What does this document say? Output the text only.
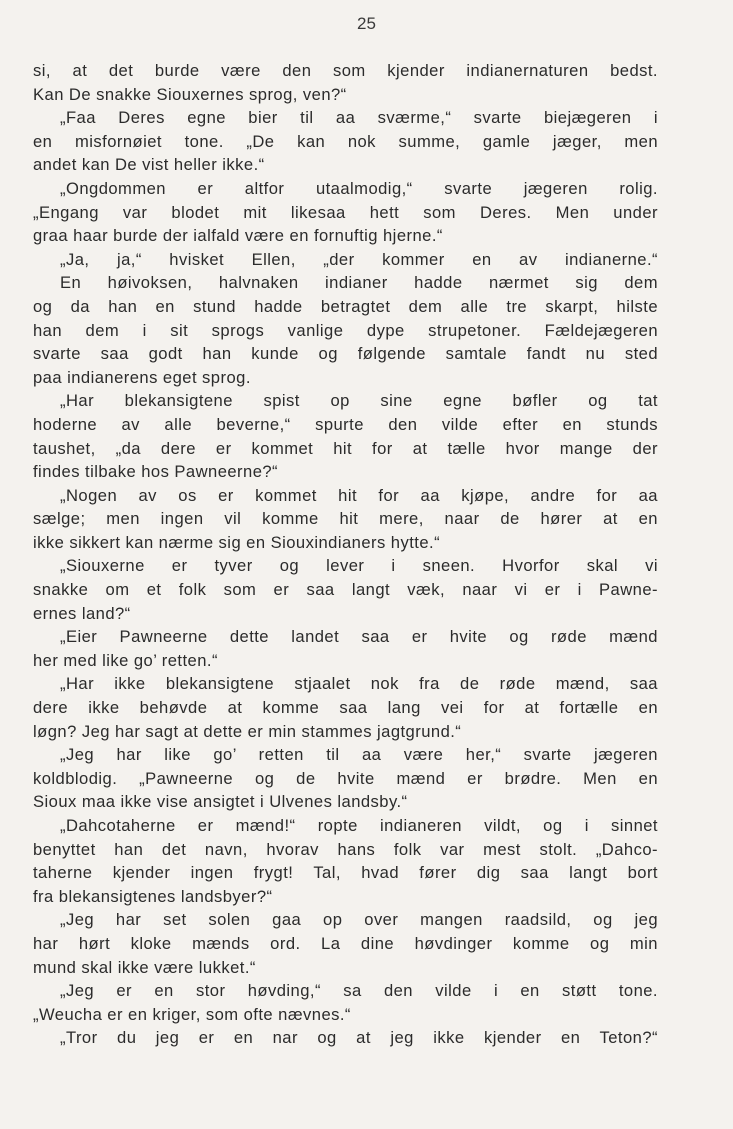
25
si, at det burde være den som kjender indianernaturen bedst.
Kan De snakke Siouxernes sprog, ven?“
„Faa Deres egne bier til aa sværme,“ svarte biejægeren i
en misfornøiet tone. „De kan nok summe, gamle jæger, men
andet kan De vist heller ikke.“
„Ongdommen er altfor utaalmodig,“ svarte jægeren rolig.
„Engang var blodet mit likesaa hett som Deres. Men under
graa haar burde der ialfald være en fornuftig hjerne.“
„Ja, ja,“ hvisket Ellen, „der kommer en av indianerne.“
En høivoksen, halvnaken indianer hadde nærmet sig dem
og da han en stund hadde betragtet dem alle tre skarpt, hilste
han dem i sit sprogs vanlige dype strupetoner. Fældejægeren
svarte saa godt han kunde og følgende samtale fandt nu sted
paa indianerens eget sprog.
„Har blekansigtene spist op sine egne bøfler og tat
hoderne av alle beverne,“ spurte den vilde efter en stunds
taushet, „da dere er kommet hit for at tælle hvor mange der
findes tilbake hos Pawneerne?“
„Nogen av os er kommet hit for aa kjøpe, andre for aa
sælge; men ingen vil komme hit mere, naar de hører at en
ikke sikkert kan nærme sig en Siouxindianers hytte.“
„Siouxerne er tyver og lever i sneen. Hvorfor skal vi
snakke om et folk som er saa langt væk, naar vi er i Pawne-
ernes land?“
„Eier Pawneerne dette landet saa er hvite og røde mænd
her med like go’ retten.“
„Har ikke blekansigtene stjaalet nok fra de røde mænd, saa
dere ikke behøvde at komme saa lang vei for at fortælle en
løgn? Jeg har sagt at dette er min stammes jagtgrund.“
„Jeg har like go’ retten til aa være her,“ svarte jægeren
koldblodig. „Pawneerne og de hvite mænd er brødre. Men en
Sioux maa ikke vise ansigtet i Ulvenes landsby.“
„Dahcotaherne er mænd!“ ropte indianeren vildt, og i sinnet
benyttet han det navn, hvorav hans folk var mest stolt. „Dahco-
taherne kjender ingen frygt! Tal, hvad fører dig saa langt bort
fra blekansigtenes landsbyer?“
„Jeg har set solen gaa op over mangen raadsild, og jeg
har hørt kloke mænds ord. La dine høvdinger komme og min
mund skal ikke være lukket.“
„Jeg er en stor høvding,“ sa den vilde i en støtt tone.
„Weucha er en kriger, som ofte nævnes.“
„Tror du jeg er en nar og at jeg ikke kjender en Teton?“
